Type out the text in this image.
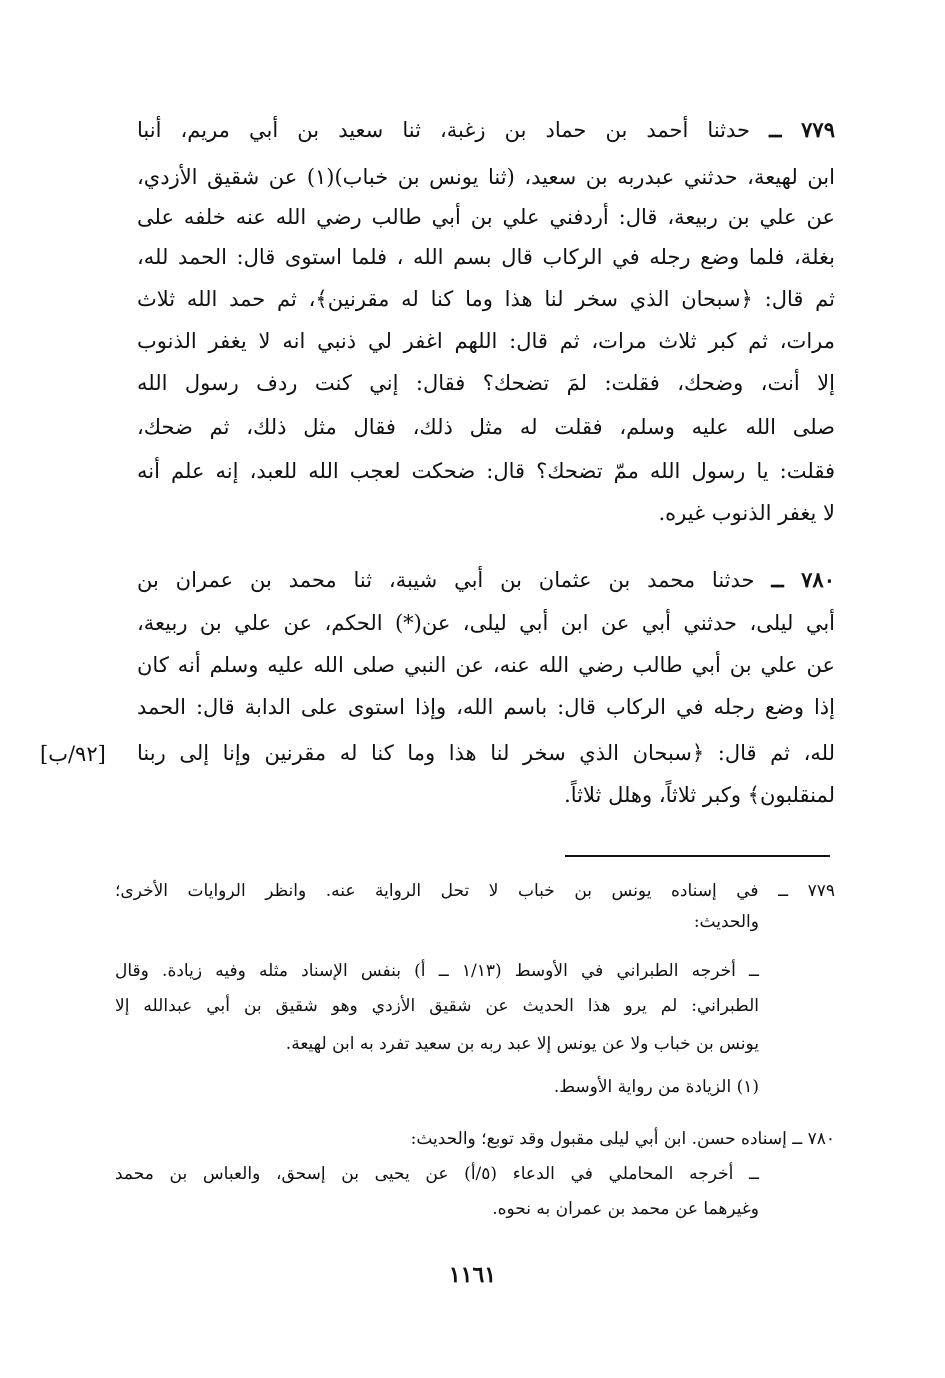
٧٧٩ ــ حدثنا أحمد بن حماد بن زغبة، ثنا سعيد بن أبي مريم، أنبا
ابن لهيعة، حدثني عبدربه بن سعيد، (ثنا يونس بن خباب)(١) عن شقيق الأزدي،
عن علي بن ربيعة، قال: أردفني علي بن أبي طالب رضي الله عنه خلفه على
بغلة، فلما وضع رجله في الركاب قال بسم الله ، فلما استوى قال: الحمد لله،
ثم قال: ﴿سبحان الذي سخر لنا هذا وما كنا له مقرنين﴾، ثم حمد الله ثلاث
مرات، ثم كبر ثلاث مرات، ثم قال: اللهم اغفر لي ذنبي انه لا يغفر الذنوب
إلا أنت، وضحك، فقلت: لمَ تضحك؟ فقال: إني كنت ردف رسول الله
صلى الله عليه وسلم، فقلت له مثل ذلك، فقال مثل ذلك، ثم ضحك،
فقلت: يا رسول الله ممّ تضحك؟ قال: ضحكت لعجب الله للعبد، إنه علم أنه
لا يغفر الذنوب غيره.
٧٨٠ ــ حدثنا محمد بن عثمان بن أبي شيبة، ثنا محمد بن عمران بن
أبي ليلى، حدثني أبي عن ابن أبي ليلى، عن(*) الحكم، عن علي بن ربيعة،
عن علي بن أبي طالب رضي الله عنه، عن النبي صلى الله عليه وسلم أنه كان
إذا وضع رجله في الركاب قال: باسم الله، وإذا استوى على الدابة قال: الحمد
لله، ثم قال: ﴿سبحان الذي سخر لنا هذا وما كنا له مقرنين وإنا إلى ربنا
لمنقلبون﴾ وكبر ثلاثاً، وهلل ثلاثاً.
[٩٢/ب]
٧٧٩ ــ في إسناده يونس بن خباب لا تحل الرواية عنه. وانظر الروايات الأخرى؛
والحديث:
ــ أخرجه الطبراني في الأوسط (١/١٣ ــ أ) بنفس الإسناد مثله وفيه زيادة. وقال
الطبراني: لم يرو هذا الحديث عن شقيق الأزدي وهو شقيق بن أبي عبدالله إلا
يونس بن خباب ولا عن يونس إلا عبد ربه بن سعيد تفرد به ابن لهيعة.
(١) الزيادة من رواية الأوسط.
٧٨٠ ــ إسناده حسن. ابن أبي ليلى مقبول وقد توبع؛ والحديث:
ــ أخرجه المحاملي في الدعاء (٥/أ) عن يحيى بن إسحق، والعباس بن محمد
وغيرهما عن محمد بن عمران به نحوه.
١١٦١
